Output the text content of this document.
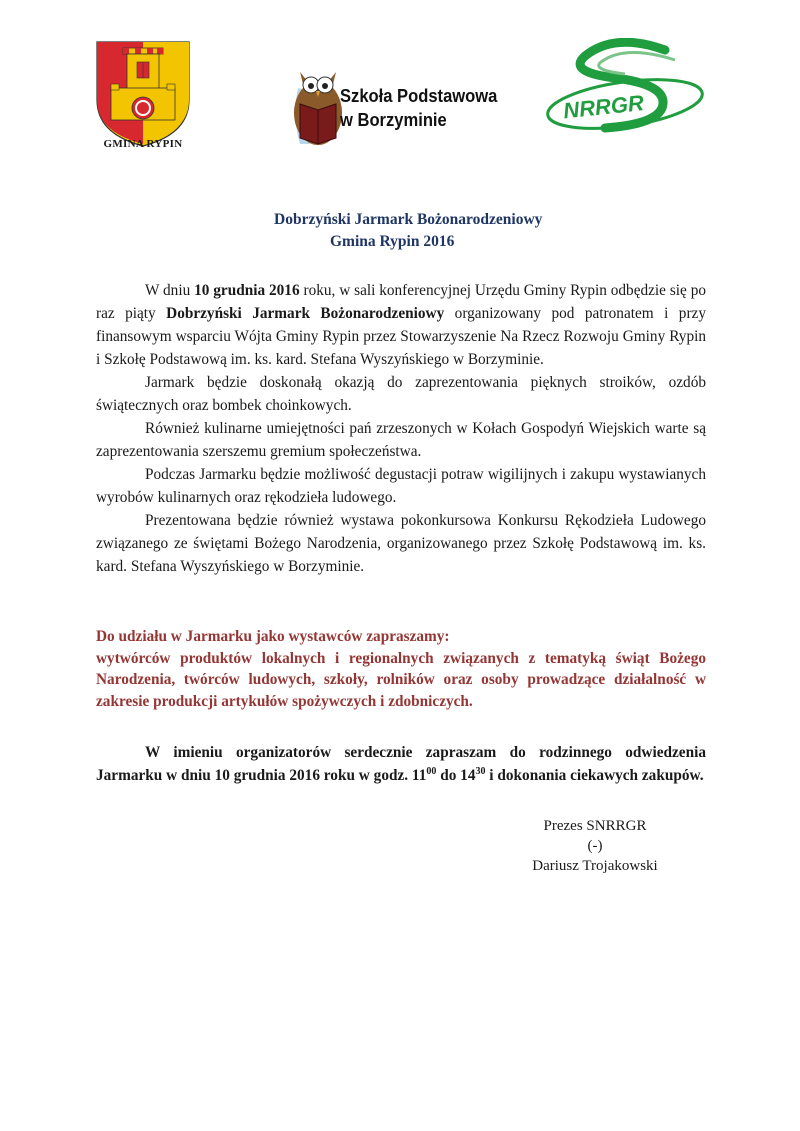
GMINA RYPIN
Szkoła Podstawowa
w Borzyminie	NRRGR
Dobrzyński Jarmark Bożonarodzeniowy
Gmina Rypin 2016

W dniu 10 grudnia 2016 roku, w sali konferencyjnej Urzędu Gminy Rypin odbędzie się po raz piąty Dobrzyński Jarmark Bożonarodzeniowy organizowany pod patronatem i przy finansowym wsparciu Wójta Gminy Rypin przez Stowarzyszenie Na Rzecz Rozwoju Gminy Rypin i Szkołę Podstawową im. ks. kard. Stefana Wyszyńskiego w Borzyminie.

Jarmark będzie doskonałą okazją do zaprezentowania pięknych stroików, ozdób świątecznych oraz bombek choinkowych.

Również kulinarne umiejętności pań zrzeszonych w Kołach Gospodyń Wiejskich warte są zaprezentowania szerszemu gremium społeczeństwa.

Podczas Jarmarku będzie możliwość degustacji potraw wigilijnych i zakupu wystawianych wyrobów kulinarnych oraz rękodzieła ludowego.

Prezentowana będzie również wystawa pokonkursowa Konkursu Rękodzieła Ludowego związanego ze świętami Bożego Narodzenia, organizowanego przez Szkołę Podstawową im. ks. kard. Stefana Wyszyńskiego w Borzyminie.

Do udziału w Jarmarku jako wystawców zapraszamy:

wytwórców produktów lokalnych i regionalnych związanych z tematyką świąt Bożego Narodzenia, twórców ludowych, szkoły, rolników oraz osoby prowadzące działalność w zakresie produkcji artykułów spożywczych i zdobniczych.

W imieniu organizatorów serdecznie zapraszam do rodzinnego odwiedzenia Jarmarku w dniu 10 grudnia 2016 roku w godz. $11^{00}$ do $14^{30}$ i dokonania ciekawych zakupów.

Prezes SNRRGR
(-)
Dariusz Trojakowski
